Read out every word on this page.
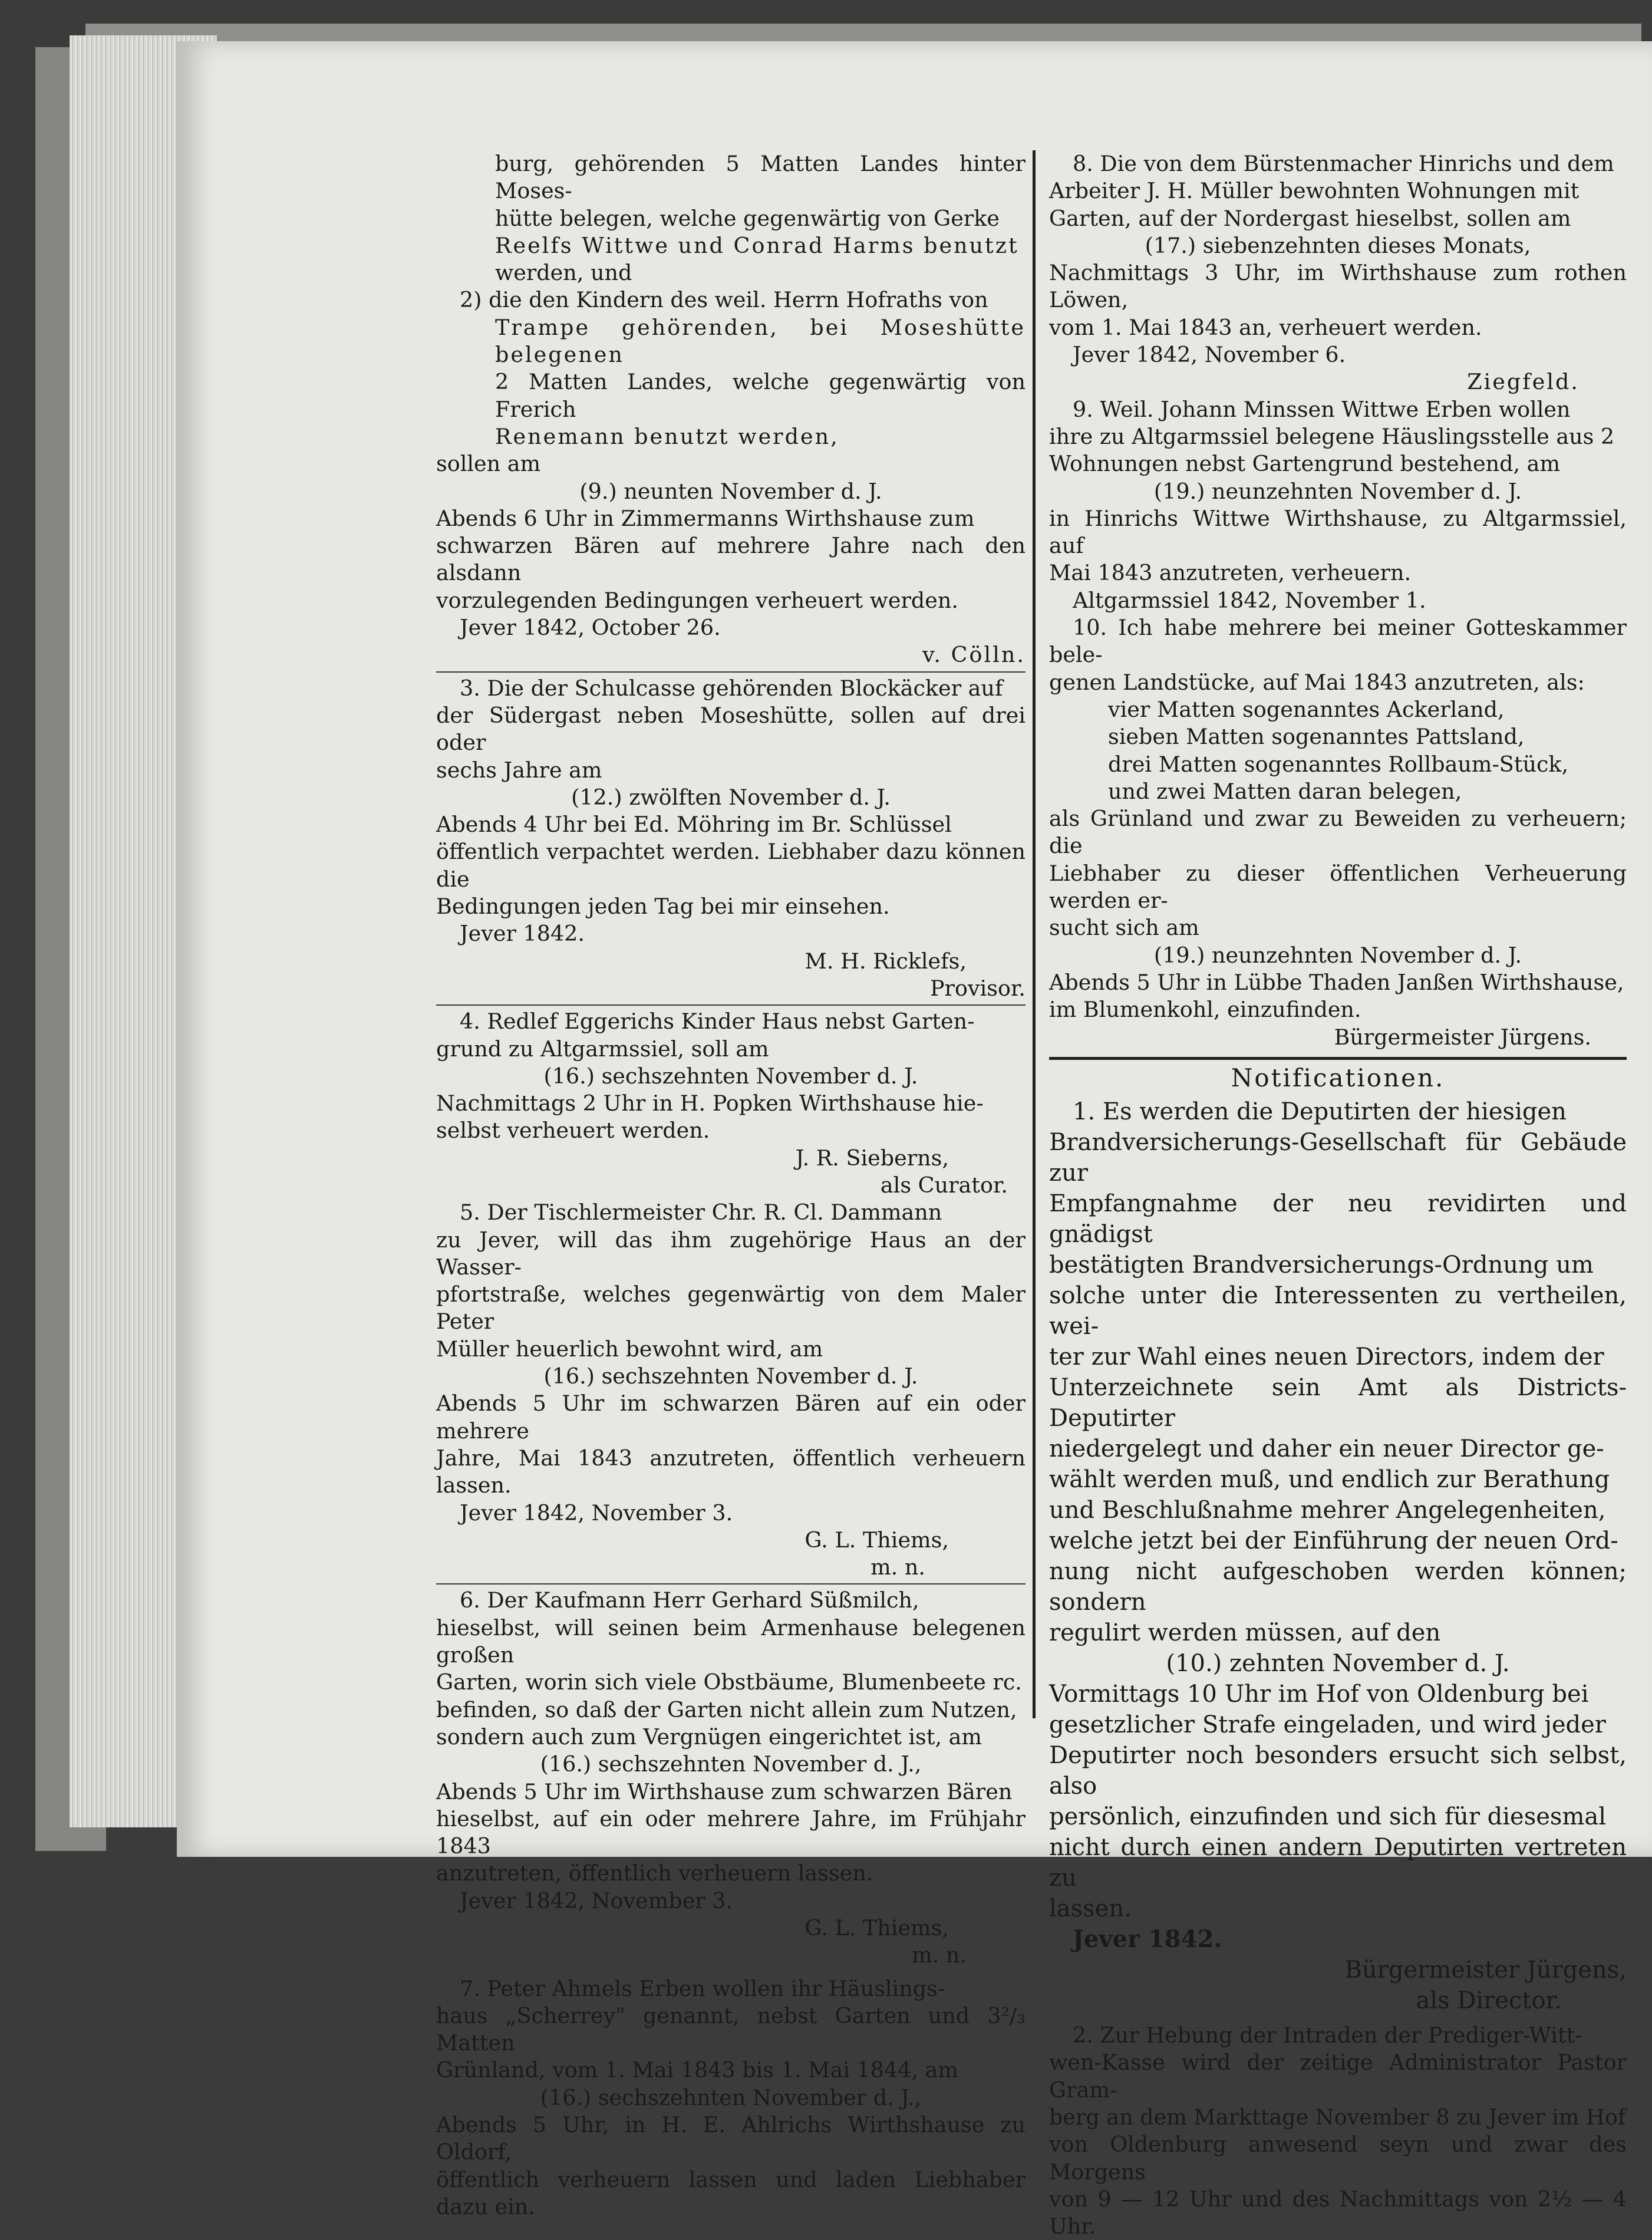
burg, gehörenden 5 Matten Landes hinter Moses-

hütte belegen, welche gegenwärtig von Gerke

Reelfs Wittwe und Conrad Harms benutzt

werden, und

2) die den Kindern des weil. Herrn Hofraths von

Trampe gehörenden, bei Moseshütte belegenen

2 Matten Landes, welche gegenwärtig von Frerich

Renemann benutzt werden,

sollen am

(9.) neunten November d. J.

Abends 6 Uhr in Zimmermanns Wirthshause zum

schwarzen Bären auf mehrere Jahre nach den alsdann

vorzulegenden Bedingungen verheuert werden.

Jever 1842, October 26.

v. Cölln.

3. Die der Schulcasse gehörenden Blockäcker auf

der Südergast neben Moseshütte, sollen auf drei oder

sechs Jahre am

(12.) zwölften November d. J.

Abends 4 Uhr bei Ed. Möhring im Br. Schlüssel

öffentlich verpachtet werden. Liebhaber dazu können die

Bedingungen jeden Tag bei mir einsehen.

Jever 1842.

M. H. Ricklefs,

Provisor.

4. Redlef Eggerichs Kinder Haus nebst Garten-

grund zu Altgarmssiel, soll am

(16.) sechszehnten November d. J.

Nachmittags 2 Uhr in H. Popken Wirthshause hie-

selbst verheuert werden.

J. R. Sieberns,

als Curator.

5. Der Tischlermeister Chr. R. Cl. Dammann

zu Jever, will das ihm zugehörige Haus an der Wasser-

pfortstraße, welches gegenwärtig von dem Maler Peter

Müller heuerlich bewohnt wird, am

(16.) sechszehnten November d. J.

Abends 5 Uhr im schwarzen Bären auf ein oder mehrere

Jahre, Mai 1843 anzutreten, öffentlich verheuern lassen.

Jever 1842, November 3.

G. L. Thiems,

m. n.

6. Der Kaufmann Herr Gerhard Süßmilch,

hieselbst, will seinen beim Armenhause belegenen großen

Garten, worin sich viele Obstbäume, Blumenbeete rc.

befinden, so daß der Garten nicht allein zum Nutzen,

sondern auch zum Vergnügen eingerichtet ist, am

(16.) sechszehnten November d. J.,

Abends 5 Uhr im Wirthshause zum schwarzen Bären

hieselbst, auf ein oder mehrere Jahre, im Frühjahr 1843

anzutreten, öffentlich verheuern lassen.

Jever 1842, November 3.

G. L. Thiems,

m. n.

7. Peter Ahmels Erben wollen ihr Häuslings-

haus „Scherrey" genannt, nebst Garten und 3²/₃ Matten

Grünland, vom 1. Mai 1843 bis 1. Mai 1844, am

(16.) sechszehnten November d. J.,

Abends 5 Uhr, in H. E. Ahlrichs Wirthshause zu Oldorf,

öffentlich verheuern lassen und laden Liebhaber dazu ein.

8. Die von dem Bürstenmacher Hinrichs und dem

Arbeiter J. H. Müller bewohnten Wohnungen mit

Garten, auf der Nordergast hieselbst, sollen am

(17.) siebenzehnten dieses Monats,

Nachmittags 3 Uhr, im Wirthshause zum rothen Löwen,

vom 1. Mai 1843 an, verheuert werden.

Jever 1842, November 6.

Ziegfeld.

9. Weil. Johann Minssen Wittwe Erben wollen

ihre zu Altgarmssiel belegene Häuslingsstelle aus 2

Wohnungen nebst Gartengrund bestehend, am

(19.) neunzehnten November d. J.

in Hinrichs Wittwe Wirthshause, zu Altgarmssiel, auf

Mai 1843 anzutreten, verheuern.

Altgarmssiel 1842, November 1.

10. Ich habe mehrere bei meiner Gotteskammer bele-

genen Landstücke, auf Mai 1843 anzutreten, als:

vier Matten sogenanntes Ackerland,

sieben Matten sogenanntes Pattsland,

drei Matten sogenanntes Rollbaum-Stück,

und zwei Matten daran belegen,

als Grünland und zwar zu Beweiden zu verheuern; die

Liebhaber zu dieser öffentlichen Verheuerung werden er-

sucht sich am

(19.) neunzehnten November d. J.

Abends 5 Uhr in Lübbe Thaden Janßen Wirthshause,

im Blumenkohl, einzufinden.

Bürgermeister Jürgens.

Notificationen.

1. Es werden die Deputirten der hiesigen

Brandversicherungs-Gesellschaft für Gebäude zur

Empfangnahme der neu revidirten und gnädigst

bestätigten Brandversicherungs-Ordnung um

solche unter die Interessenten zu vertheilen, wei-

ter zur Wahl eines neuen Directors, indem der

Unterzeichnete sein Amt als Districts-Deputirter

niedergelegt und daher ein neuer Director ge-

wählt werden muß, und endlich zur Berathung

und Beschlußnahme mehrer Angelegenheiten,

welche jetzt bei der Einführung der neuen Ord-

nung nicht aufgeschoben werden können; sondern

regulirt werden müssen, auf den

(10.) zehnten November d. J.

Vormittags 10 Uhr im Hof von Oldenburg bei

gesetzlicher Strafe eingeladen, und wird jeder

Deputirter noch besonders ersucht sich selbst, also

persönlich, einzufinden und sich für diesesmal

nicht durch einen andern Deputirten vertreten zu

lassen.

Jever 1842.

Bürgermeister Jürgens,

als Director.

2. Zur Hebung der Intraden der Prediger-Witt-

wen-Kasse wird der zeitige Administrator Pastor Gram-

berg an dem Markttage November 8 zu Jever im Hof

von Oldenburg anwesend seyn und zwar des Morgens

von 9 — 12 Uhr und des Nachmittags von 2½ — 4 Uhr.
